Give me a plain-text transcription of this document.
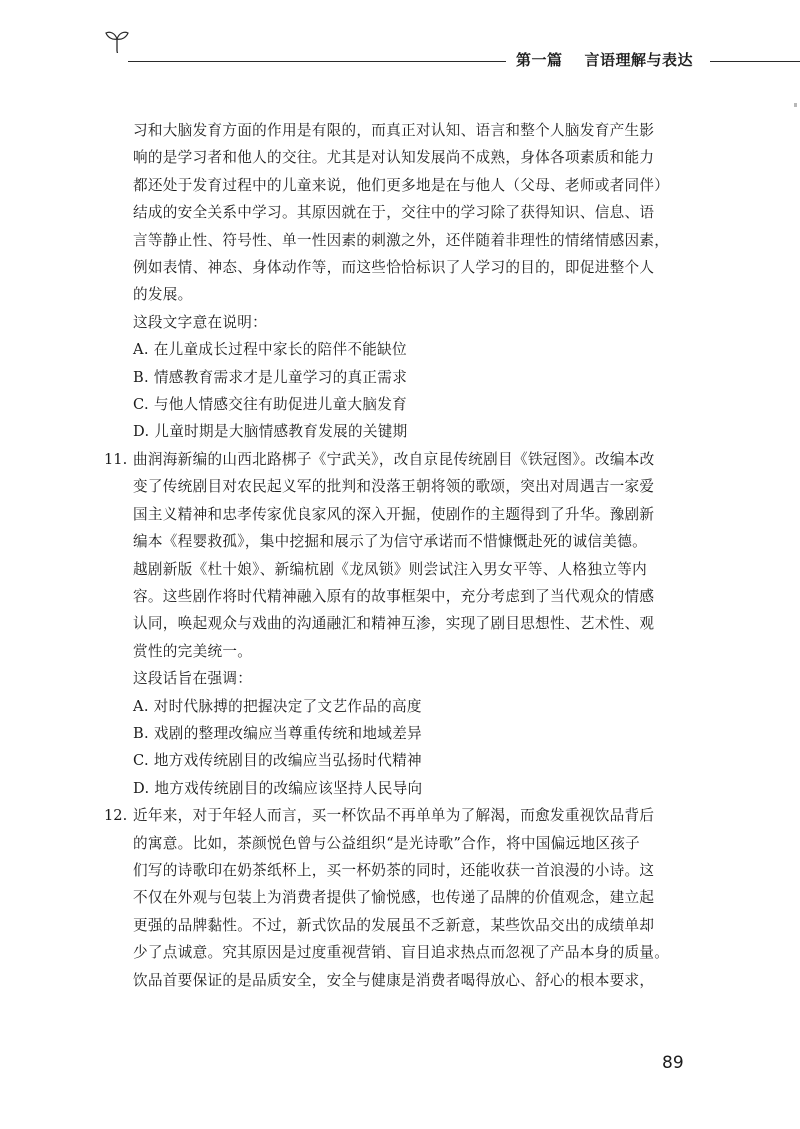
第一篇 言语理解与表达
习和大脑发育方面的作用是有限的，而真正对认知、语言和整个人脑发育产生影
响的是学习者和他人的交往。尤其是对认知发展尚不成熟，身体各项素质和能力
都还处于发育过程中的儿童来说，他们更多地是在与他人（父母、老师或者同伴）
结成的安全关系中学习。其原因就在于，交往中的学习除了获得知识、信息、语
言等静止性、符号性、单一性因素的刺激之外，还伴随着非理性的情绪情感因素，
例如表情、神态、身体动作等，而这些恰恰标识了人学习的目的，即促进整个人
的发展。
这段文字意在说明：
A. 在儿童成长过程中家长的陪伴不能缺位
B. 情感教育需求才是儿童学习的真正需求
C. 与他人情感交往有助促进儿童大脑发育
D. 儿童时期是大脑情感教育发展的关键期
11. 曲润海新编的山西北路梆子《宁武关》，改自京昆传统剧目《铁冠图》。改编本改
变了传统剧目对农民起义军的批判和没落王朝将领的歌颂，突出对周遇吉一家爱
国主义精神和忠孝传家优良家风的深入开掘，使剧作的主题得到了升华。豫剧新
编本《程婴救孤》，集中挖掘和展示了为信守承诺而不惜慷慨赴死的诚信美德。
越剧新版《杜十娘》、新编杭剧《龙凤锁》则尝试注入男女平等、人格独立等内
容。这些剧作将时代精神融入原有的故事框架中，充分考虑到了当代观众的情感
认同，唤起观众与戏曲的沟通融汇和精神互渗，实现了剧目思想性、艺术性、观
赏性的完美统一。
这段话旨在强调：
A. 对时代脉搏的把握决定了文艺作品的高度
B. 戏剧的整理改编应当尊重传统和地域差异
C. 地方戏传统剧目的改编应当弘扬时代精神
D. 地方戏传统剧目的改编应该坚持人民导向
12. 近年来，对于年轻人而言，买一杯饮品不再单单为了解渴，而愈发重视饮品背后
的寓意。比如，茶颜悦色曾与公益组织“是光诗歌”合作，将中国偏远地区孩子
们写的诗歌印在奶茶纸杯上，买一杯奶茶的同时，还能收获一首浪漫的小诗。这
不仅在外观与包装上为消费者提供了愉悦感，也传递了品牌的价值观念，建立起
更强的品牌黏性。不过，新式饮品的发展虽不乏新意，某些饮品交出的成绩单却
少了点诚意。究其原因是过度重视营销、盲目追求热点而忽视了产品本身的质量。
饮品首要保证的是品质安全，安全与健康是消费者喝得放心、舒心的根本要求，
89
